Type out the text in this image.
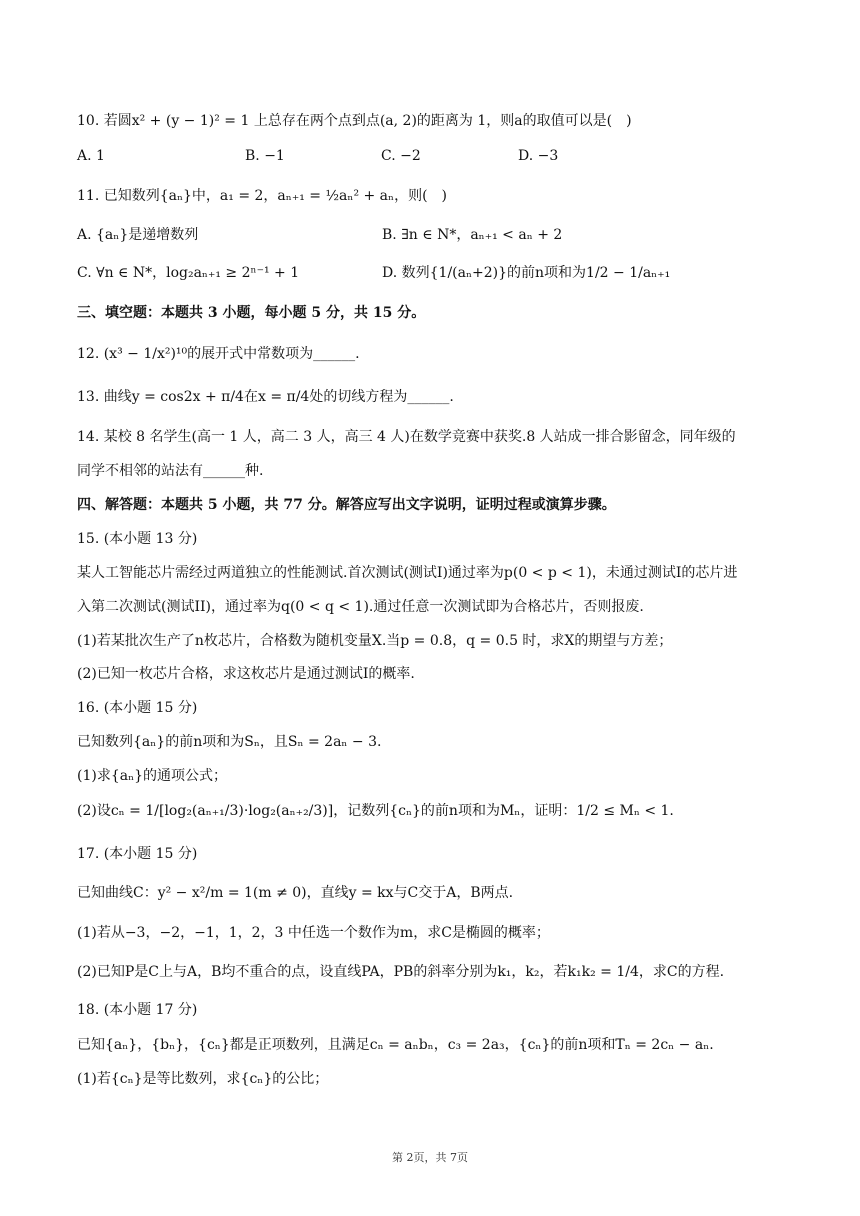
10. 若圆x² + (y − 1)² = 1 上总存在两个点到点(a, 2)的距离为 1，则a的取值可以是(　)
A. 1	B. −1	C. −2	D. −3
11. 已知数列{aₙ}中，a₁ = 2，aₙ₊₁ = ½aₙ² + aₙ，则(　)
A. {aₙ}是递增数列	B. ∃n ∈ N*，aₙ₊₁ < aₙ + 2
C. ∀n ∈ N*，log₂aₙ₊₁ ≥ 2ⁿ⁻¹ + 1	D. 数列{1/(aₙ+2)}的前n项和为1/2 − 1/aₙ₊₁
三、填空题：本题共 3 小题，每小题 5 分，共 15 分。
12. (x³ − 1/x²)¹⁰的展开式中常数项为______.
13. 曲线y = cos2x + π/4在x = π/4处的切线方程为______.
14. 某校 8 名学生(高一 1 人，高二 3 人，高三 4 人)在数学竞赛中获奖.8 人站成一排合影留念，同年级的
同学不相邻的站法有______种.
四、解答题：本题共 5 小题，共 77 分。解答应写出文字说明，证明过程或演算步骤。
15. (本小题 13 分)
某人工智能芯片需经过两道独立的性能测试.首次测试(测试I)通过率为p(0 < p < 1)，未通过测试I的芯片进
入第二次测试(测试II)，通过率为q(0 < q < 1).通过任意一次测试即为合格芯片，否则报废.
(1)若某批次生产了n枚芯片，合格数为随机变量X.当p = 0.8，q = 0.5 时，求X的期望与方差；
(2)已知一枚芯片合格，求这枚芯片是通过测试I的概率.
16. (本小题 15 分)
已知数列{aₙ}的前n项和为Sₙ，且Sₙ = 2aₙ − 3.
(1)求{aₙ}的通项公式；
(2)设cₙ = 1/[log₂(aₙ₊₁/3)·log₂(aₙ₊₂/3)]，记数列{cₙ}的前n项和为Mₙ，证明：1/2 ≤ Mₙ < 1.
17. (本小题 15 分)
已知曲线C：y² − x²/m = 1(m ≠ 0)，直线y = kx与C交于A，B两点.
(1)若从−3，−2，−1，1，2，3 中任选一个数作为m，求C是椭圆的概率；
(2)已知P是C上与A，B均不重合的点，设直线PA，PB的斜率分别为k₁，k₂，若k₁k₂ = 1/4，求C的方程.
18. (本小题 17 分)
已知{aₙ}，{bₙ}，{cₙ}都是正项数列，且满足cₙ = aₙbₙ，c₃ = 2a₃，{cₙ}的前n项和Tₙ = 2cₙ − aₙ.
(1)若{cₙ}是等比数列，求{cₙ}的公比；
第 2页，共 7页
